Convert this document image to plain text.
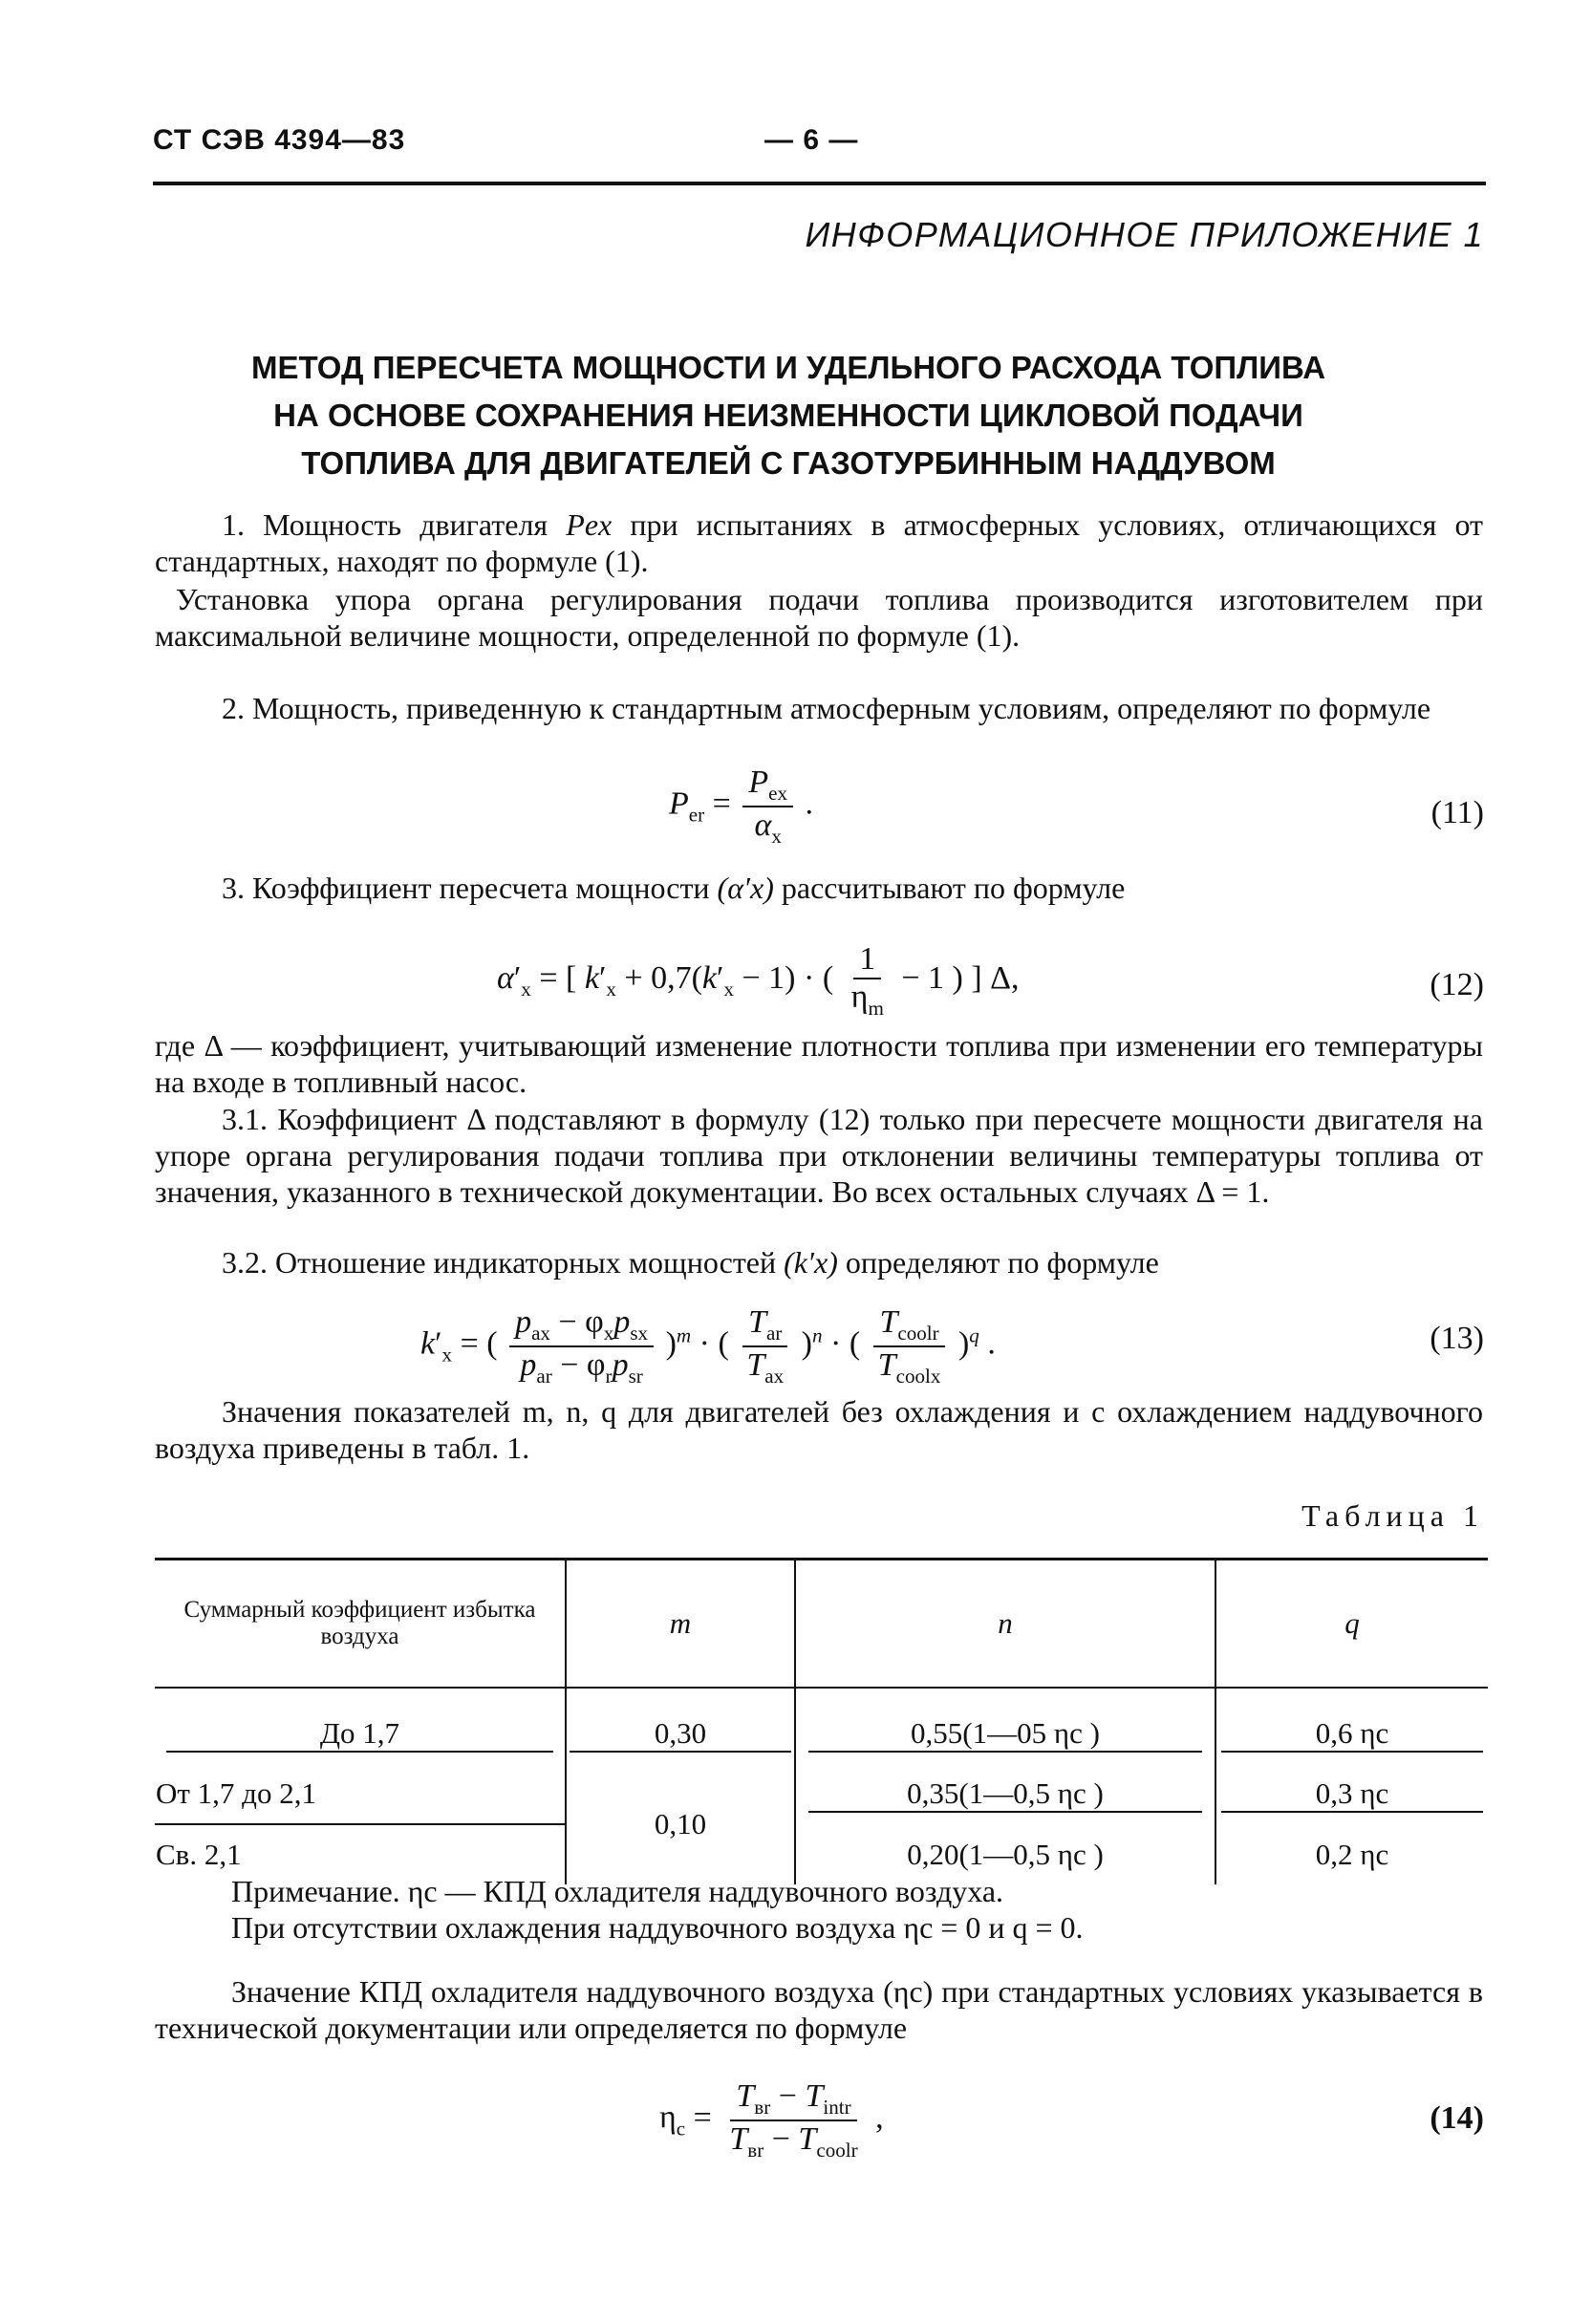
СТ СЭВ 4394—83	— 6 —
ИНФОРМАЦИОННОЕ ПРИЛОЖЕНИЕ 1
МЕТОД ПЕРЕСЧЕТА МОЩНОСТИ И УДЕЛЬНОГО РАСХОДА ТОПЛИВА
НА ОСНОВЕ СОХРАНЕНИЯ НЕИЗМЕННОСТИ ЦИКЛОВОЙ ПОДАЧИ
ТОПЛИВА ДЛЯ ДВИГАТЕЛЕЙ С ГАЗОТУРБИННЫМ НАДДУВОМ
1. Мощность двигателя Pex при испытаниях в атмосферных условиях, отличающихся от стандартных, находят по формуле (1).
Установка упора органа регулирования подачи топлива производится изготовителем при максимальной величине мощности, определенной по формуле (1).
2. Мощность, приведенную к стандартным атмосферным условиям, определяют по формуле
$P_{er} = \frac{P_{ex}}{\alpha_x}$ .	(11)
3. Коэффициент пересчета мощности (α′x) рассчитывают по формуле
$\alpha'_x$ = [ $k'_x + 0,7(k'_x - 1)$ · ( $\frac{1}{\eta_m} - 1$ ) ] Δ,	(12)
где Δ — коэффициент, учитывающий изменение плотности топлива при изменении его температуры на входе в топливный насос.
3.1. Коэффициент Δ подставляют в формулу (12) только при пересчете мощности двигателя на упоре органа регулирования подачи топлива при отклонении величины температуры топлива от значения, указанного в технической документации. Во всех остальных случаях Δ = 1.
3.2. Отношение индикаторных мощностей (k′x) определяют по формуле
$k'_x$ = ( $\frac{p_{ax} - \varphi_xp_{sx}}{p_{ar} - \varphi_rp_{sr}} )^m$ · ( $\frac{T_{ar}}{T_{ax}} )^n$ · ( $\frac{T_{coolr}}{T_{coolx}} )^q$ .	(13)
Значения показателей m, n, q для двигателей без охлаждения и с охлаждением наддувочного воздуха приведены в табл. 1.
Таблица 1
Суммарный коэффициент избытка воздуха	m	n	q
До 1,7	0,30	0,55(1—05 ηс )	0,6 ηс
От 1,7 до 2,1	0,10	0,35(1—0,5 ηс )	0,3 ηс
Св. 2,1		0,20(1—0,5 ηс )	0,2 ηс
Примечание. ηс — КПД охладителя наддувочного воздуха.
При отсутствии охлаждения наддувочного воздуха ηс = 0 и q = 0.
Значение КПД охладителя наддувочного воздуха (ηс) при стандартных условиях указывается в технической документации или определяется по формуле
$\eta_c = \frac{T_{вr} - T_{intr}}{T_{вr} - T_{coolr}}$ ,	(14)
